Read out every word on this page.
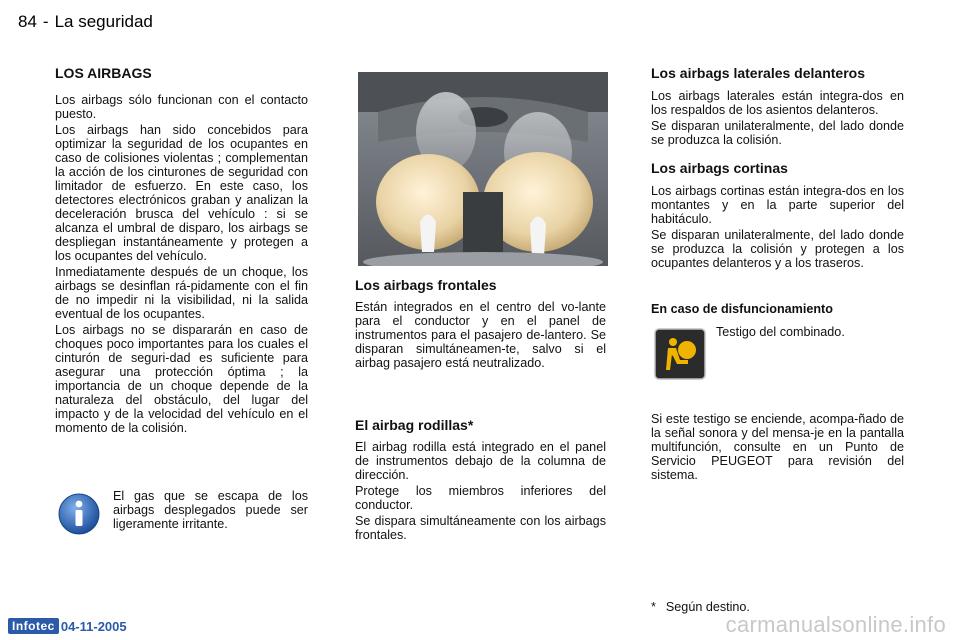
84 - La seguridad
LOS AIRBAGS

Los airbags sólo funcionan con el contacto puesto.

Los airbags han sido concebidos para optimizar la seguridad de los ocupantes en caso de colisiones violentas ; complementan la acción de los cinturones de seguridad con limitador de esfuerzo. En este caso, los detectores electrónicos graban y analizan la deceleración brusca del vehículo : si se alcanza el umbral de disparo, los airbags se despliegan instantáneamente y protegen a los ocupantes del vehículo.

Inmediatamente después de un choque, los airbags se desinflan rá-pidamente con el fin de no impedir ni la visibilidad, ni la salida eventual de los ocupantes.

Los airbags no se dispararán en caso de choques poco importantes para los cuales el cinturón de seguri-dad es suficiente para asegurar una protección óptima ; la importancia de un choque depende de la naturaleza del obstáculo, del lugar del impacto y de la velocidad del vehículo en el momento de la colisión.

El gas que se escapa de los airbags desplegados puede ser ligeramente irritante.
Los airbags frontales

Están integrados en el centro del vo-lante para el conductor y en el panel de instrumentos para el pasajero de-lantero. Se disparan simultáneamen-te, salvo si el airbag pasajero está neutralizado.

El airbag rodillas*

El airbag rodilla está integrado en el panel de instrumentos debajo de la columna de dirección.

Protege los miembros inferiores del conductor.

Se dispara simultáneamente con los airbags frontales.

Los airbags laterales delanteros

Los airbags laterales están integra-dos en los respaldos de los asientos delanteros.

Se disparan unilateralmente, del lado donde se produzca la colisión.

Los airbags cortinas

Los airbags cortinas están integra-dos en los montantes y en la parte superior del habitáculo.

Se disparan unilateralmente, del lado donde se produzca la colisión y protegen a los ocupantes delanteros y a los traseros.

En caso de disfuncionamiento
Testigo del combinado.

Si este testigo se enciende, acompa-ñado de la señal sonora y del mensa-je en la pantalla multifunción, consulte en un Punto de Servicio PEUGEOT para revisión del sistema.

* Según destino.
Infotec 04-11-2005	carmanualsonline.info
